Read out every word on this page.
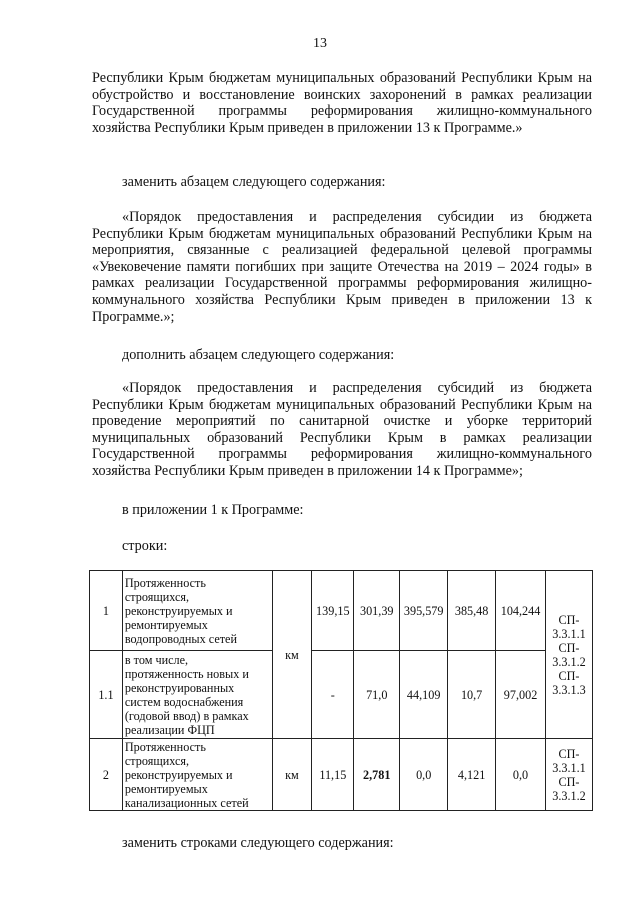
13
Республики Крым бюджетам муниципальных образований Республики Крым на обустройство и восстановление воинских захоронений в рамках реализации Государственной программы реформирования жилищно-коммунального хозяйства Республики Крым приведен в приложении 13 к Программе.»
заменить абзацем следующего содержания:
«Порядок предоставления и распределения субсидии из бюджета Республики Крым бюджетам муниципальных образований Республики Крым на мероприятия, связанные с реализацией федеральной целевой программы «Увековечение памяти погибших при защите Отечества на 2019 – 2024 годы» в рамках реализации Государственной программы реформирования жилищно-коммунального хозяйства Республики Крым приведен в приложении 13 к Программе.»;
дополнить абзацем следующего содержания:
«Порядок предоставления и распределения субсидий из бюджета Республики Крым бюджетам муниципальных образований Республики Крым на проведение мероприятий по санитарной очистке и уборке территорий муниципальных образований Республики Крым в рамках реализации Государственной программы реформирования жилищно-коммунального хозяйства Республики Крым приведен в приложении 14 к Программе»;
в приложении 1 к Программе:
строки:
1	Протяженность строящихся, реконструируемых и ремонтируемых водопроводных сетей	км	139,15	301,39	395,579	385,48	104,244	СП- 3.3.1.1 СП- 3.3.1.2 СП- 3.3.1.3
1.1	в том числе, протяженность новых и реконструированных систем водоснабжения (годовой ввод) в рамках реализации ФЦП		-	71,0	44,109	10,7	97,002	
2	Протяженность строящихся, реконструируемых и ремонтируемых канализационных сетей	км	11,15	2,781	0,0	4,121	0,0	СП- 3.3.1.1 СП- 3.3.1.2
заменить строками следующего содержания:
